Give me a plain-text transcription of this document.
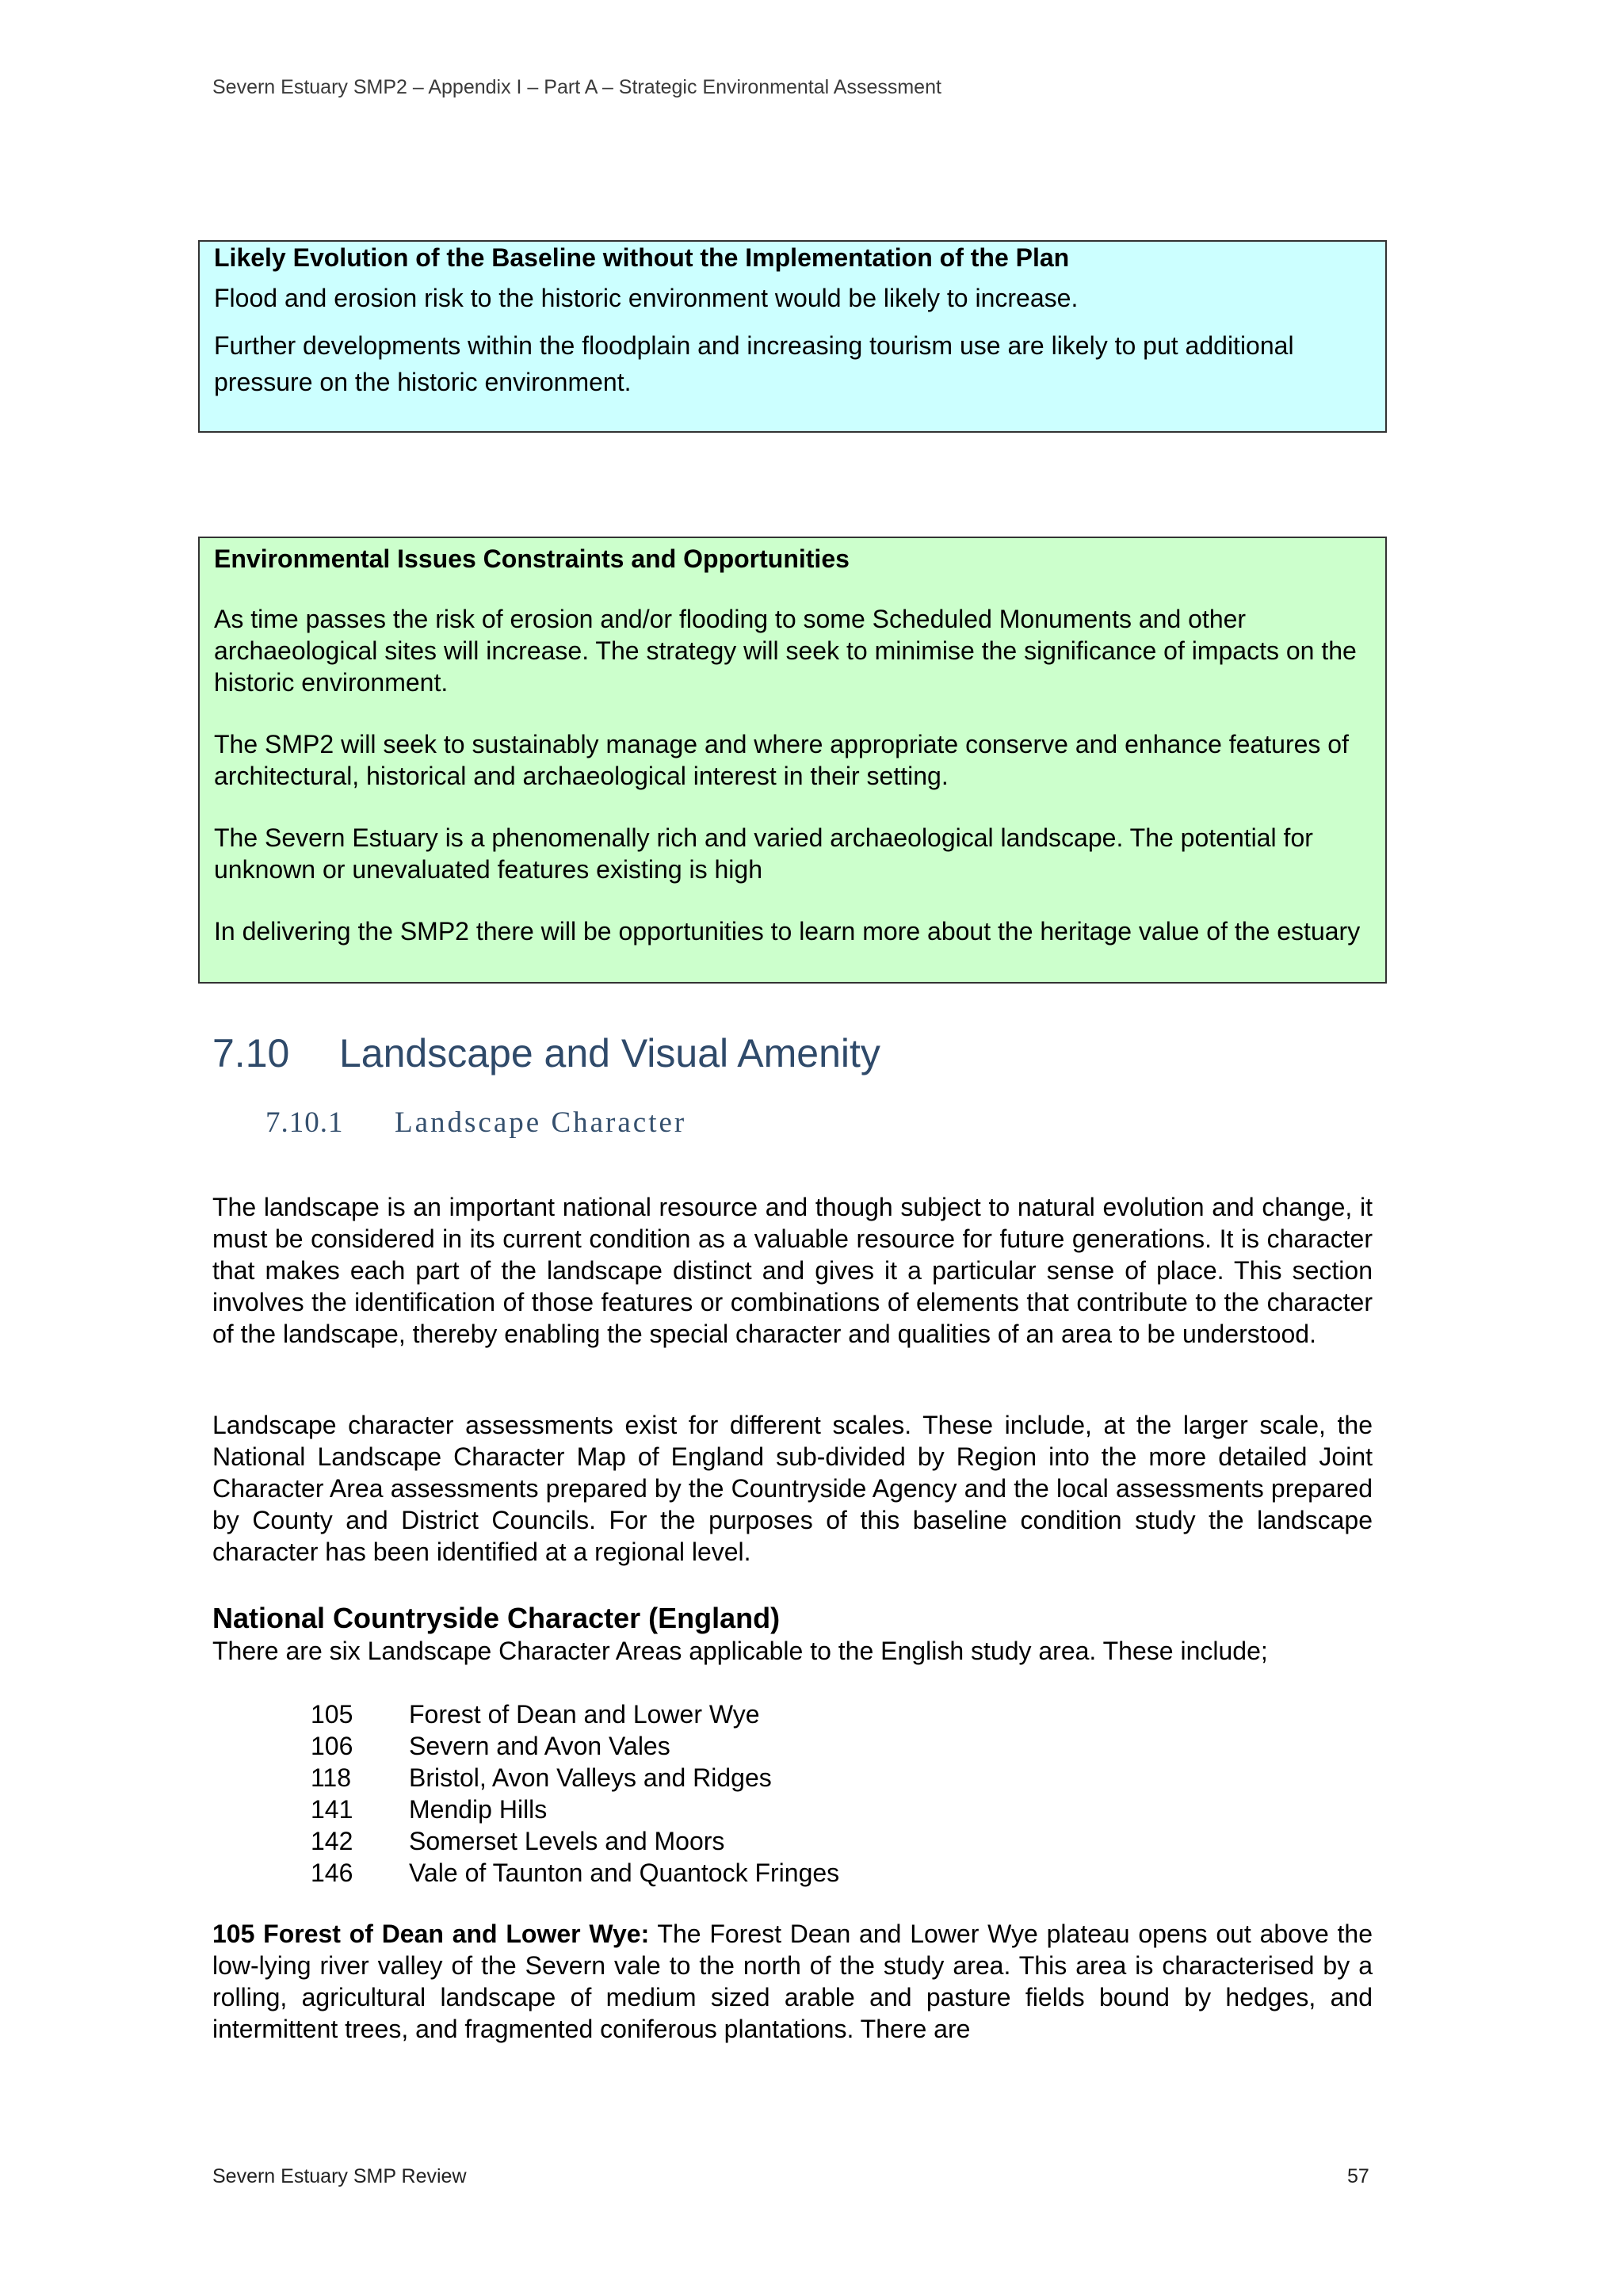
Severn Estuary SMP2 – Appendix I – Part A – Strategic Environmental Assessment
Likely Evolution of the Baseline without the Implementation of the Plan

Flood and erosion risk to the historic environment would be likely to increase.

Further developments within the floodplain and increasing tourism use are likely to put additional pressure on the historic environment.

Environmental Issues Constraints and Opportunities

As time passes the risk of erosion and/or flooding to some Scheduled Monuments and other archaeological sites will increase. The strategy will seek to minimise the significance of impacts on the historic environment.

The SMP2 will seek to sustainably manage and where appropriate conserve and enhance features of architectural, historical and archaeological interest in their setting.

The Severn Estuary is a phenomenally rich and varied archaeological landscape. The potential for unknown or unevaluated features existing is high

In delivering the SMP2 there will be opportunities to learn more about the heritage value of the estuary

7.10 Landscape and Visual Amenity
7.10.1 Landscape Character
The landscape is an important national resource and though subject to natural evolution and change, it must be considered in its current condition as a valuable resource for future generations. It is character that makes each part of the landscape distinct and gives it a particular sense of place. This section involves the identification of those features or combinations of elements that contribute to the character of the landscape, thereby enabling the special character and qualities of an area to be understood.
Landscape character assessments exist for different scales. These include, at the larger scale, the National Landscape Character Map of England sub-divided by Region into the more detailed Joint Character Area assessments prepared by the Countryside Agency and the local assessments prepared by County and District Councils. For the purposes of this baseline condition study the landscape character has been identified at a regional level.
National Countryside Character (England)
There are six Landscape Character Areas applicable to the English study area. These include;
105	Forest of Dean and Lower Wye
106	Severn and Avon Vales
118	Bristol, Avon Valleys and Ridges
141	Mendip Hills
142	Somerset Levels and Moors
146	Vale of Taunton and Quantock Fringes
105 Forest of Dean and Lower Wye: The Forest Dean and Lower Wye plateau opens out above the low-lying river valley of the Severn vale to the north of the study area. This area is characterised by a rolling, agricultural landscape of medium sized arable and pasture fields bound by hedges, and intermittent trees, and fragmented coniferous plantations. There are
Severn Estuary SMP Review	57
